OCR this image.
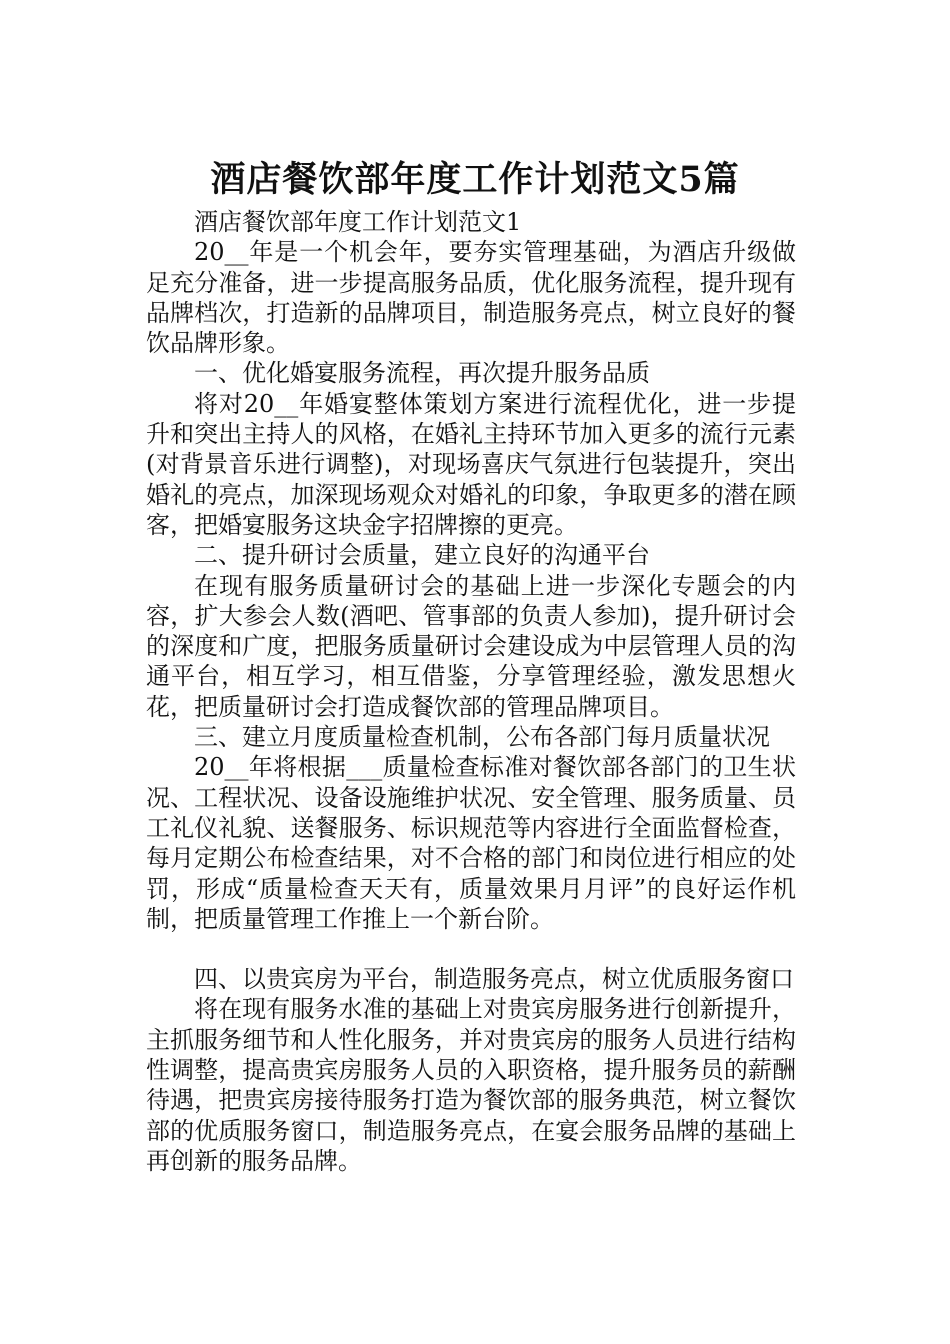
酒店餐饮部年度工作计划范文5篇

酒店餐饮部年度工作计划范文1

20__年是一个机会年，要夯实管理基础，为酒店升级做足充分准备，进一步提高服务品质，优化服务流程，提升现有品牌档次，打造新的品牌项目，制造服务亮点，树立良好的餐饮品牌形象。

一、优化婚宴服务流程，再次提升服务品质

将对20__年婚宴整体策划方案进行流程优化，进一步提升和突出主持人的风格，在婚礼主持环节加入更多的流行元素(对背景音乐进行调整)，对现场喜庆气氛进行包装提升，突出婚礼的亮点，加深现场观众对婚礼的印象，争取更多的潜在顾客，把婚宴服务这块金字招牌擦的更亮。

二、提升研讨会质量，建立良好的沟通平台

在现有服务质量研讨会的基础上进一步深化专题会的内容，扩大参会人数(酒吧、管事部的负责人参加)，提升研讨会的深度和广度，把服务质量研讨会建设成为中层管理人员的沟通平台，相互学习，相互借鉴，分享管理经验，激发思想火花，把质量研讨会打造成餐饮部的管理品牌项目。

三、建立月度质量检查机制，公布各部门每月质量状况

20__年将根据___质量检查标准对餐饮部各部门的卫生状况、工程状况、设备设施维护状况、安全管理、服务质量、员工礼仪礼貌、送餐服务、标识规范等内容进行全面监督检查，每月定期公布检查结果，对不合格的部门和岗位进行相应的处罚，形成“质量检查天天有，质量效果月月评”的良好运作机制，把质量管理工作推上一个新台阶。

四、以贵宾房为平台，制造服务亮点，树立优质服务窗口

将在现有服务水准的基础上对贵宾房服务进行创新提升，主抓服务细节和人性化服务，并对贵宾房的服务人员进行结构性调整，提高贵宾房服务人员的入职资格，提升服务员的薪酬待遇，把贵宾房接待服务打造为餐饮部的服务典范，树立餐饮部的优质服务窗口，制造服务亮点，在宴会服务品牌的基础上再创新的服务品牌。
